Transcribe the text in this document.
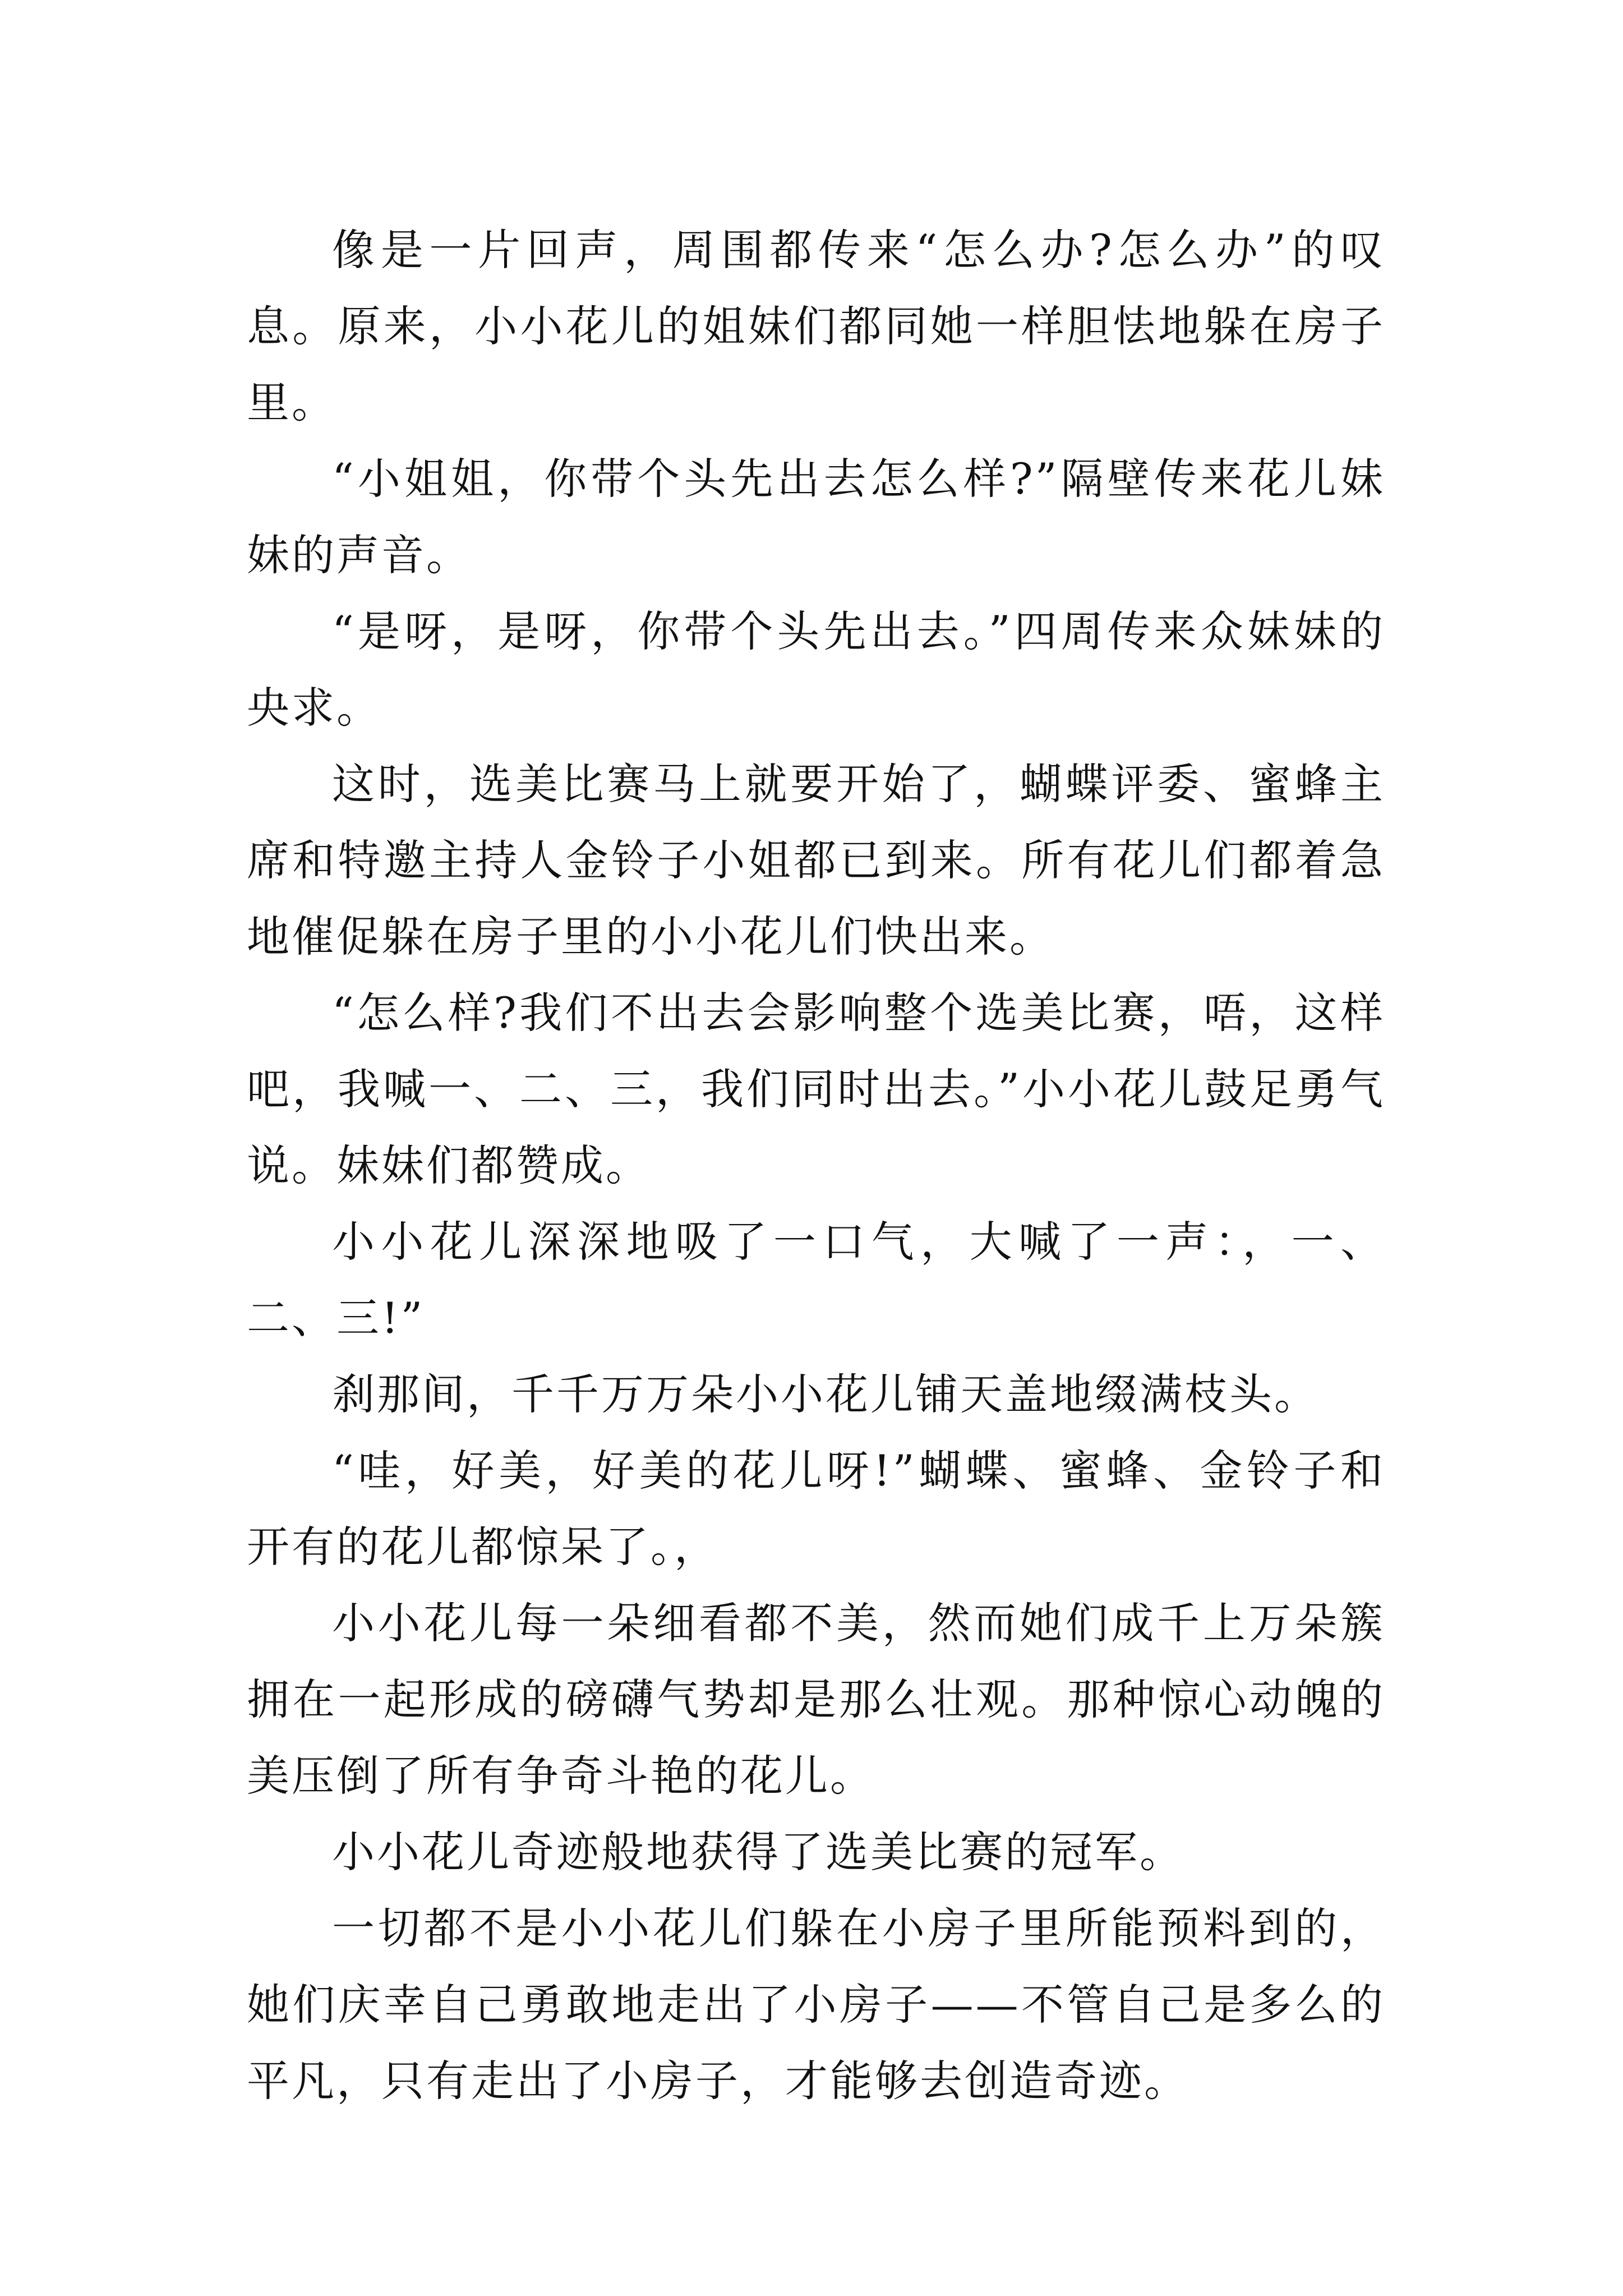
像是一片回声，周围都传来“怎么办?怎么办”的叹息。原来，小小花儿的姐妹们都同她一样胆怯地躲在房子里。

“小姐姐，你带个头先出去怎么样?”隔壁传来花儿妹妹的声音。

“是呀，是呀，你带个头先出去。”四周传来众妹妹的央求。

这时，选美比赛马上就要开始了，蝴蝶评委、蜜蜂主席和特邀主持人金铃子小姐都已到来。所有花儿们都着急地催促躲在房子里的小小花儿们快出来。

“怎么样?我们不出去会影响整个选美比赛，唔，这样吧，我喊一、二、三，我们同时出去。”小小花儿鼓足勇气说。妹妹们都赞成。

小小花儿深深地吸了一口气，大喊了一声：，一、二、三!”

刹那间，千千万万朵小小花儿铺天盖地缀满枝头。

“哇，好美，好美的花儿呀!”蝴蝶、蜜蜂、金铃子和开有的花儿都惊呆了。，

小小花儿每一朵细看都不美，然而她们成千上万朵簇拥在一起形成的磅礴气势却是那么壮观。那种惊心动魄的美压倒了所有争奇斗艳的花儿。

小小花儿奇迹般地获得了选美比赛的冠军。

一切都不是小小花儿们躲在小房子里所能预料到的，她们庆幸自己勇敢地走出了小房子——不管自己是多么的平凡，只有走出了小房子，才能够去创造奇迹。
